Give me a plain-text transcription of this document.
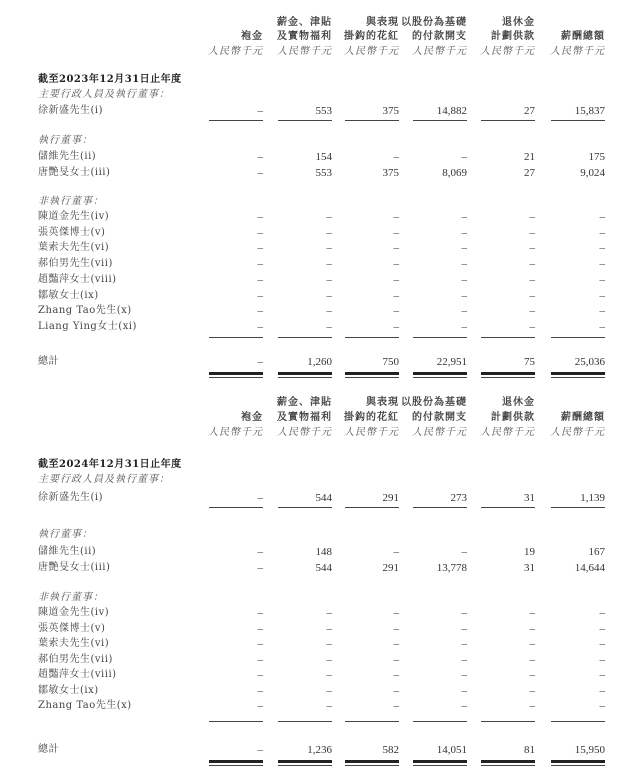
袍金
人民幣千元
薪金、津貼
及實物福利
人民幣千元
與表現
掛鈎的花紅
人民幣千元
以股份為基礎
的付款開支
人民幣千元
退休金
計劃供款
人民幣千元
薪酬總額
人民幣千元
截至2023年12月31日止年度
主要行政人員及執行董事：
徐新盛先生(i)	–	553	375	14,882	27	15,837
執行董事：
儲維先生(ii)	–	154	–	–	21	175
唐艷旻女士(iii)	–	553	375	8,069	27	9,024
非執行董事：
陳道金先生(iv)	–	–	–	–	–	–
張英傑博士(v)	–	–	–	–	–	–
葉索夫先生(vi)	–	–	–	–	–	–
郝伯男先生(vii)	–	–	–	–	–	–
趙豔萍女士(viii)	–	–	–	–	–	–
鄒敏女士(ix)	–	–	–	–	–	–
Zhang Tao先生(x)	–	–	–	–	–	–
Liang Ying女士(xi)	–	–	–	–	–	–
總計	–	1,260	750	22,951	75	25,036
袍金
人民幣千元
薪金、津貼
及實物福利
人民幣千元
與表現
掛鈎的花紅
人民幣千元
以股份為基礎
的付款開支
人民幣千元
退休金
計劃供款
人民幣千元
薪酬總額
人民幣千元
截至2024年12月31日止年度
主要行政人員及執行董事：
徐新盛先生(i)	–	544	291	273	31	1,139
執行董事：
儲維先生(ii)	–	148	–	–	19	167
唐艷旻女士(iii)	–	544	291	13,778	31	14,644
非執行董事：
陳道金先生(iv)	–	–	–	–	–	–
張英傑博士(v)	–	–	–	–	–	–
葉索夫先生(vi)	–	–	–	–	–	–
郝伯男先生(vii)	–	–	–	–	–	–
趙豔萍女士(viii)	–	–	–	–	–	–
鄒敏女士(ix)	–	–	–	–	–	–
Zhang Tao先生(x)	–	–	–	–	–	–
總計	–	1,236	582	14,051	81	15,950
